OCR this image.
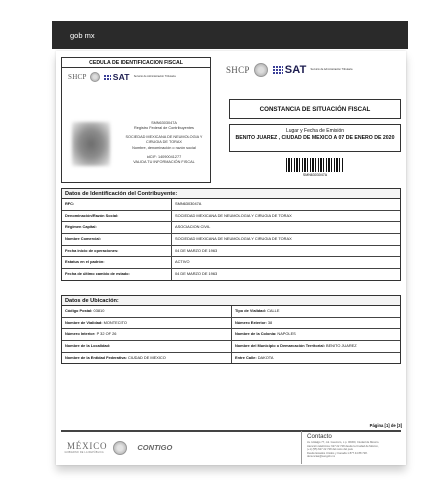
gob mx
CEDULA DE IDENTIFICACION FISCAL
SHCP	SAT Servicio de Administración Tributaria
SMN6303047A
Registro Federal de Contribuyentes
SOCIEDAD MEXICANA DE NEUMOLOGIA Y CIRUGIA DE TORAX
Nombre, denominación o razón social
idCIF: 14090041277
VALIDA TU INFORMACIÓN FISCAL
SHCP	SAT Servicio de Administración Tributaria
CONSTANCIA DE SITUACIÓN FISCAL
Lugar y Fecha de Emisión
BENITO JUAREZ , CIUDAD DE MEXICO A 07 DE ENERO DE 2020
SMN6303047A
Datos de Identificación del Contribuyente:
RFC:	SMN6303047A
Denominación/Razón Social:	SOCIEDAD MEXICANA DE NEUMOLOGIA Y CIRUGIA DE TORAX
Régimen Capital:	ASOCIACION CIVIL
Nombre Comercial:	SOCIEDAD MEXICANA DE NEUMOLOGIA Y CIRUGIA DE TORAX
Fecha inicio de operaciones:	04 DE MARZO DE 1963
Estatus en el padrón:	ACTIVO
Fecha de último cambio de estado:	04 DE MARZO DE 1963
Datos de Ubicación:
Código Postal: 03810	Tipo de Vialidad: CALLE
Nombre de Vialidad: MONTECITO	Número Exterior: 38
Número Interior: P 32 OF 26	Nombre de la Colonia: NAPOLES
Nombre de la Localidad:	Nombre del Municipio o Demarcación Territorial: BENITO JUAREZ
Nombre de la Entidad Federativa: CIUDAD DE MEXICO	Entre Calle: DAKOTA
Página [1] de [3]
MÉXICO
GOBIERNO DE LA REPÚBLICA
CONTIGO
Contacto
Av. Hidalgo 77, col. Guerrero, c.p. 06300, Ciudad de México.
Atención telefónica: 627 22 728 desde la Ciudad de México,
(+1) (55) 627 22 728 del resto del país
Desde Estados Unidos y Canadá 1 877 44 88 728.
denuncias@sat.gob.mx
